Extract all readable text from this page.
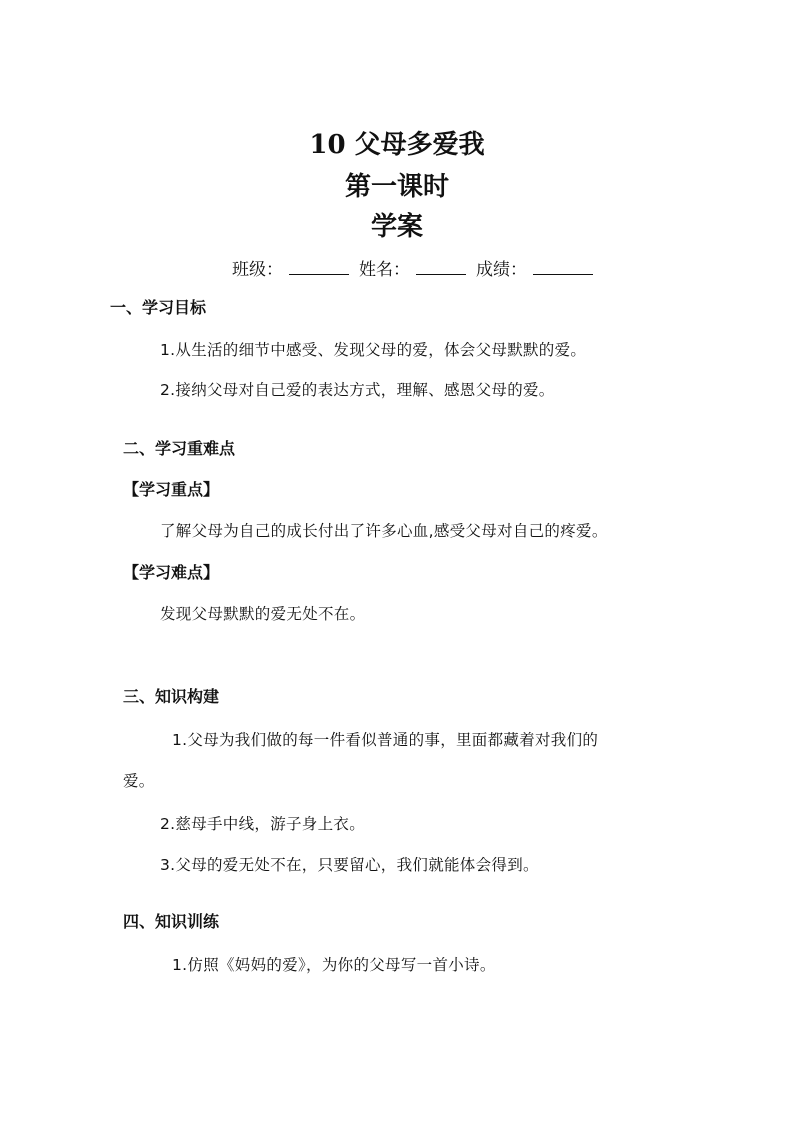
10 父母多爱我
第一课时
学案
班级：	姓名：	成绩：
一、学习目标
1.从生活的细节中感受、发现父母的爱，体会父母默默的爱。
2.接纳父母对自己爱的表达方式，理解、感恩父母的爱。
二、学习重难点
【学习重点】
了解父母为自己的成长付出了许多心血,感受父母对自己的疼爱。
【学习难点】
发现父母默默的爱无处不在。
三、知识构建
1.父母为我们做的每一件看似普通的事，里面都藏着对我们的
爱。
2.慈母手中线，游子身上衣。
3.父母的爱无处不在，只要留心，我们就能体会得到。
四、知识训练
1.仿照《妈妈的爱》，为你的父母写一首小诗。
